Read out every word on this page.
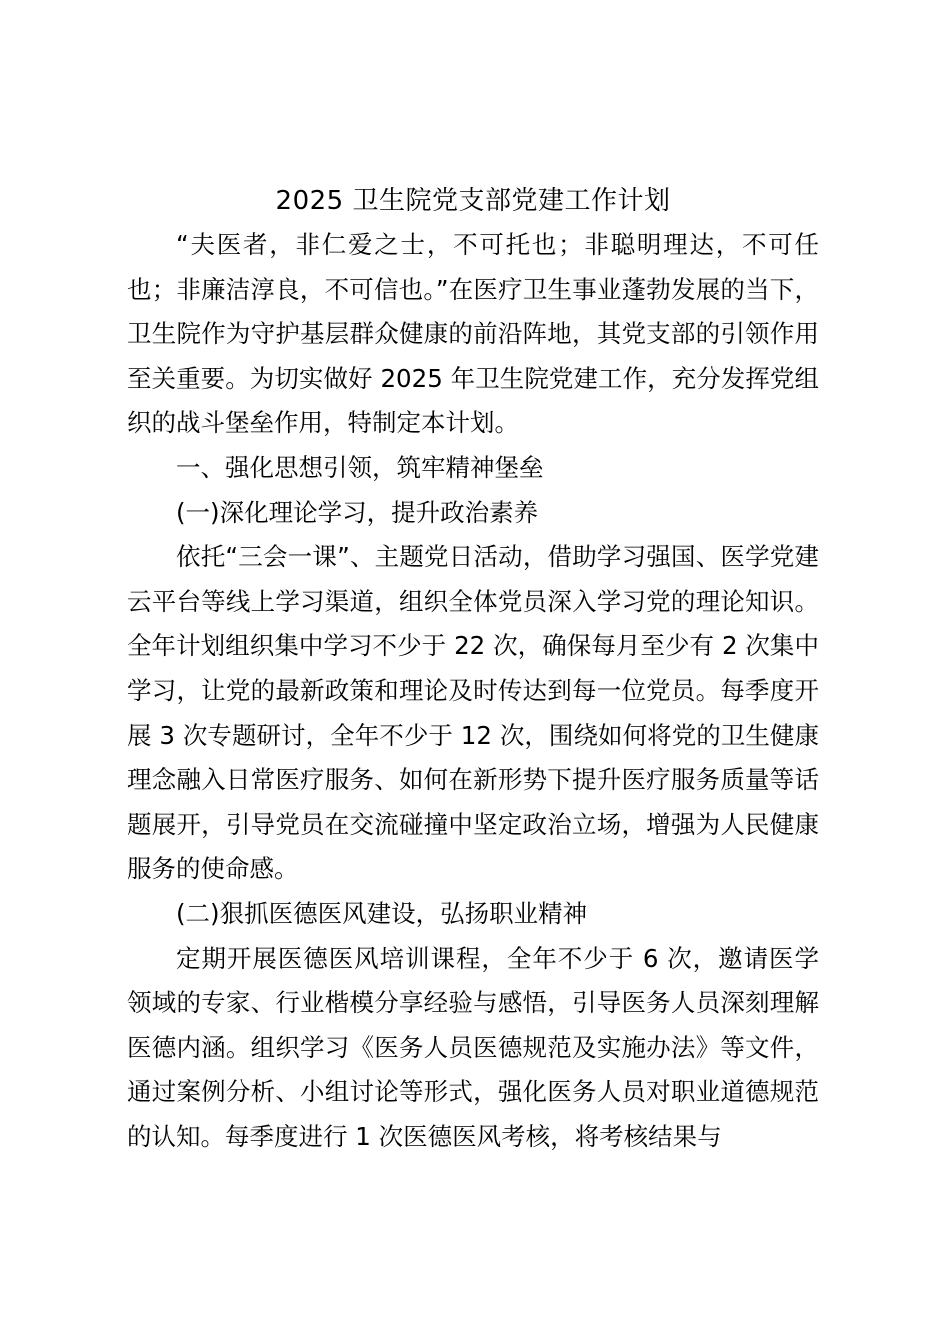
2025 卫生院党支部党建工作计划

“夫医者，非仁爱之士，不可托也；非聪明理达，不可任也；非廉洁淳良，不可信也。”在医疗卫生事业蓬勃发展的当下，卫生院作为守护基层群众健康的前沿阵地，其党支部的引领作用至关重要。为切实做好 2025 年卫生院党建工作，充分发挥党组织的战斗堡垒作用，特制定本计划。

一、强化思想引领，筑牢精神堡垒

(一)深化理论学习，提升政治素养

依托“三会一课”、主题党日活动，借助学习强国、医学党建云平台等线上学习渠道，组织全体党员深入学习党的理论知识。全年计划组织集中学习不少于 22 次，确保每月至少有 2 次集中学习，让党的最新政策和理论及时传达到每一位党员。每季度开展 3 次专题研讨，全年不少于 12 次，围绕如何将党的卫生健康理念融入日常医疗服务、如何在新形势下提升医疗服务质量等话题展开，引导党员在交流碰撞中坚定政治立场，增强为人民健康服务的使命感。

(二)狠抓医德医风建设，弘扬职业精神

定期开展医德医风培训课程，全年不少于 6 次，邀请医学领域的专家、行业楷模分享经验与感悟，引导医务人员深刻理解医德内涵。组织学习《医务人员医德规范及实施办法》等文件，通过案例分析、小组讨论等形式，强化医务人员对职业道德规范的认知。每季度进行 1 次医德医风考核，将考核结果与
